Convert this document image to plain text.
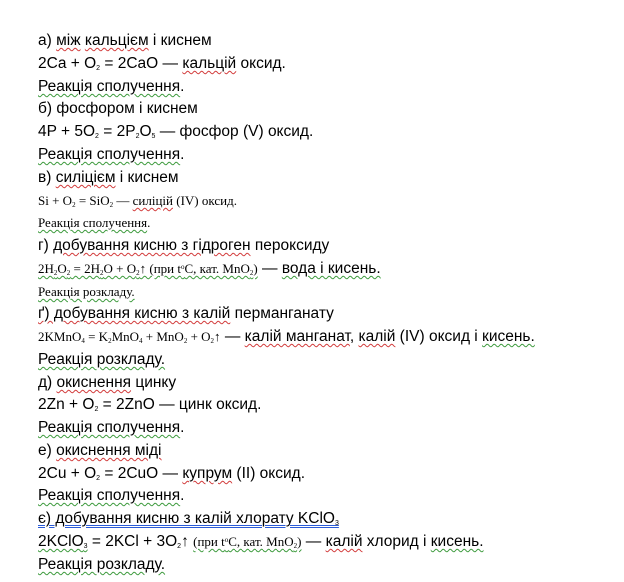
а) між кальцієм і киснем
$2Ca + O_2 = 2CaO$ — кальцій оксид.
Реакція сполучення.
б) фосфором і киснем
$4P + 5O_2 = 2P_2O_5$ — фосфор (V) оксид.
Реакція сполучення.
в) силіцієм і киснем
$Si + O_2 = SiO_2$ — силіцій (IV) оксид.
Реакція сполучення.
г) добування кисню з гідроген пероксиду
$2H_2O_2 = 2H_2O$ + $O_2↑$ (при $t^oC$, кат. MnO$_2$) — вода і кисень.
Реакція розкладу.
ґ) добування кисню з калій перманганату
2KMnO$_4$ = $K_2MnO_4 + MnO_2$ + $O_2↑$ — калій манганат, калій (IV) оксид і кисень.
Реакція розкладу.
д) окиснення цинку
$2Zn + O_2 = 2ZnO$ — цинк оксид.
Реакція сполучення.
е) окиснення міді
$2Cu + O_2 = 2CuO$ — купрум (II) оксид.
Реакція сполучення.
є) добування кисню з калій хлорату KClO$_3$
2KClO$_3$ = $2KCl + 3O_2↑$ (при $t^oC$, кат. MnO$_2$) — калій хлорид і кисень.
Реакція розкладу.
